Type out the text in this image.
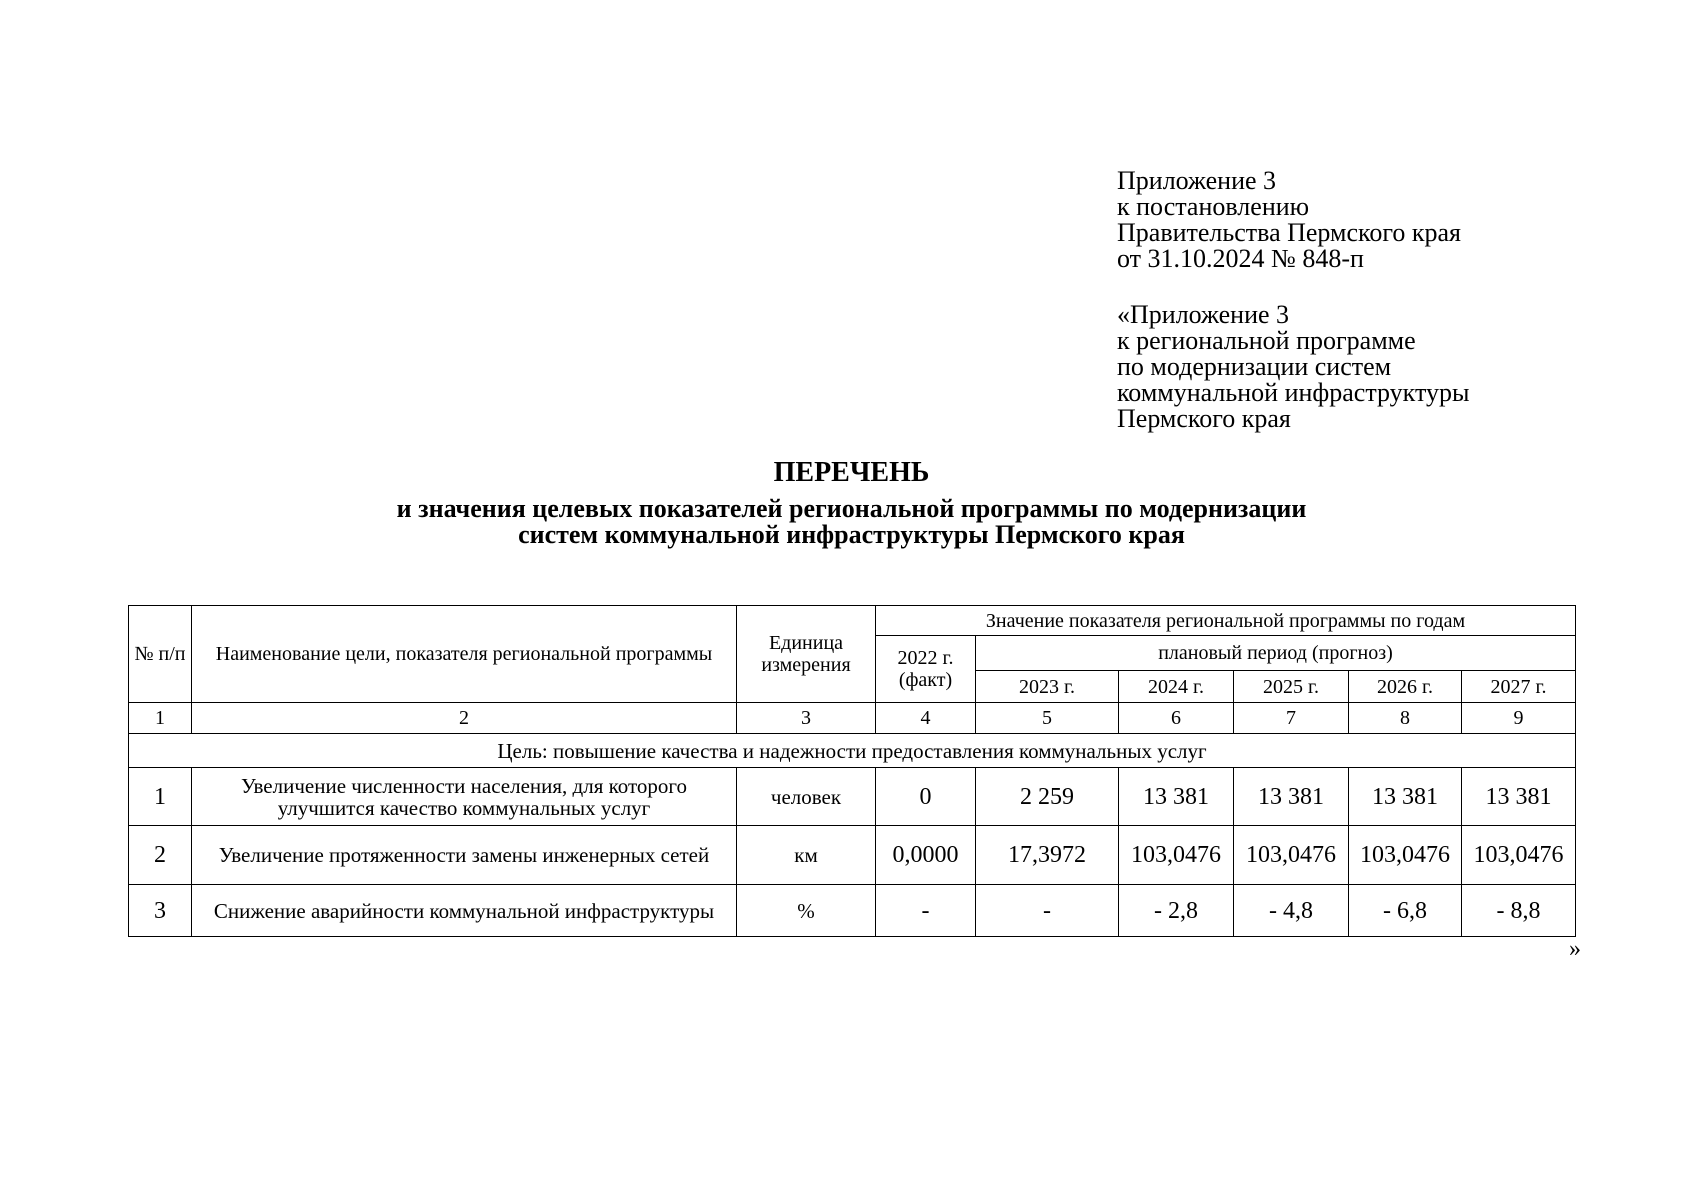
Приложение 3
к постановлению
Правительства Пермского края
от 31.10.2024 № 848-п
«Приложение 3
к региональной программе
по модернизации систем
коммунальной инфраструктуры
Пермского края
ПЕРЕЧЕНЬ
и значения целевых показателей региональной программы по модернизации
систем коммунальной инфраструктуры Пермского края
№ п/п	Наименование цели, показателя региональной программы	Единица измерения	Значение показателя региональной программы по годам					
			2022 г. (факт)	плановый период (прогноз)				
				2023 г.	2024 г.	2025 г.	2026 г.	2027 г.
1	2	3	4	5	6	7	8	9
Цель: повышение качества и надежности предоставления коммунальных услуг								
1	Увеличение численности населения, для которого улучшится качество коммунальных услуг	человек	0	2 259	13 381	13 381	13 381	13 381
2	Увеличение протяженности замены инженерных сетей	км	0,0000	17,3972	103,0476	103,0476	103,0476	103,0476
3	Снижение аварийности коммунальной инфраструктуры	%	-	-	- 2,8	- 4,8	- 6,8	- 8,8
»
